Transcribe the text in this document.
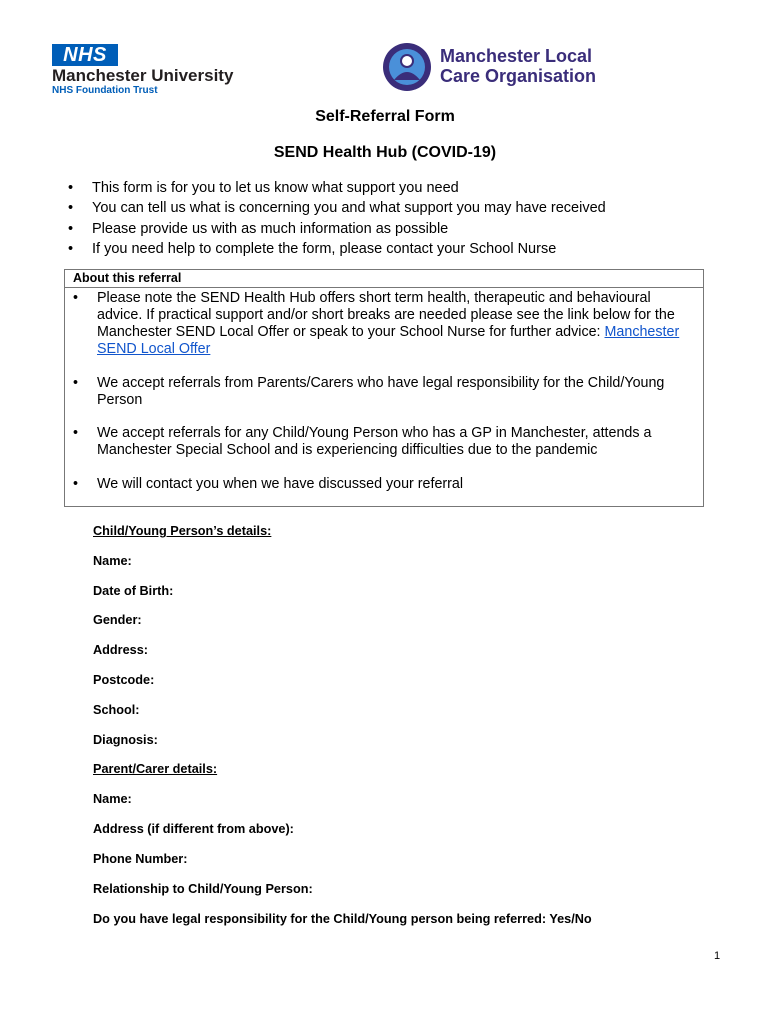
NHS
Manchester University
NHS Foundation Trust
Manchester Local
Care Organisation
Self-Referral Form
SEND Health Hub (COVID-19)
• This form is for you to let us know what support you need
• You can tell us what is concerning you and what support you may have received
• Please provide us with as much information as possible
• If you need help to complete the form, please contact your School Nurse
About this referral
• Please note the SEND Health Hub offers short term health, therapeutic and behavioural advice. If practical support and/or short breaks are needed please see the link below for the Manchester SEND Local Offer or speak to your School Nurse for further advice: Manchester SEND Local Offer
• We accept referrals from Parents/Carers who have legal responsibility for the Child/Young Person
• We accept referrals for any Child/Young Person who has a GP in Manchester, attends a Manchester Special School and is experiencing difficulties due to the pandemic
• We will contact you when we have discussed your referral
Child/Young Person’s details:
Name:
Date of Birth:
Gender:
Address:
Postcode:
School:
Diagnosis:
Parent/Carer details:
Name:
Address (if different from above):
Phone Number:
Relationship to Child/Young Person:
Do you have legal responsibility for the Child/Young person being referred: Yes/No
1
